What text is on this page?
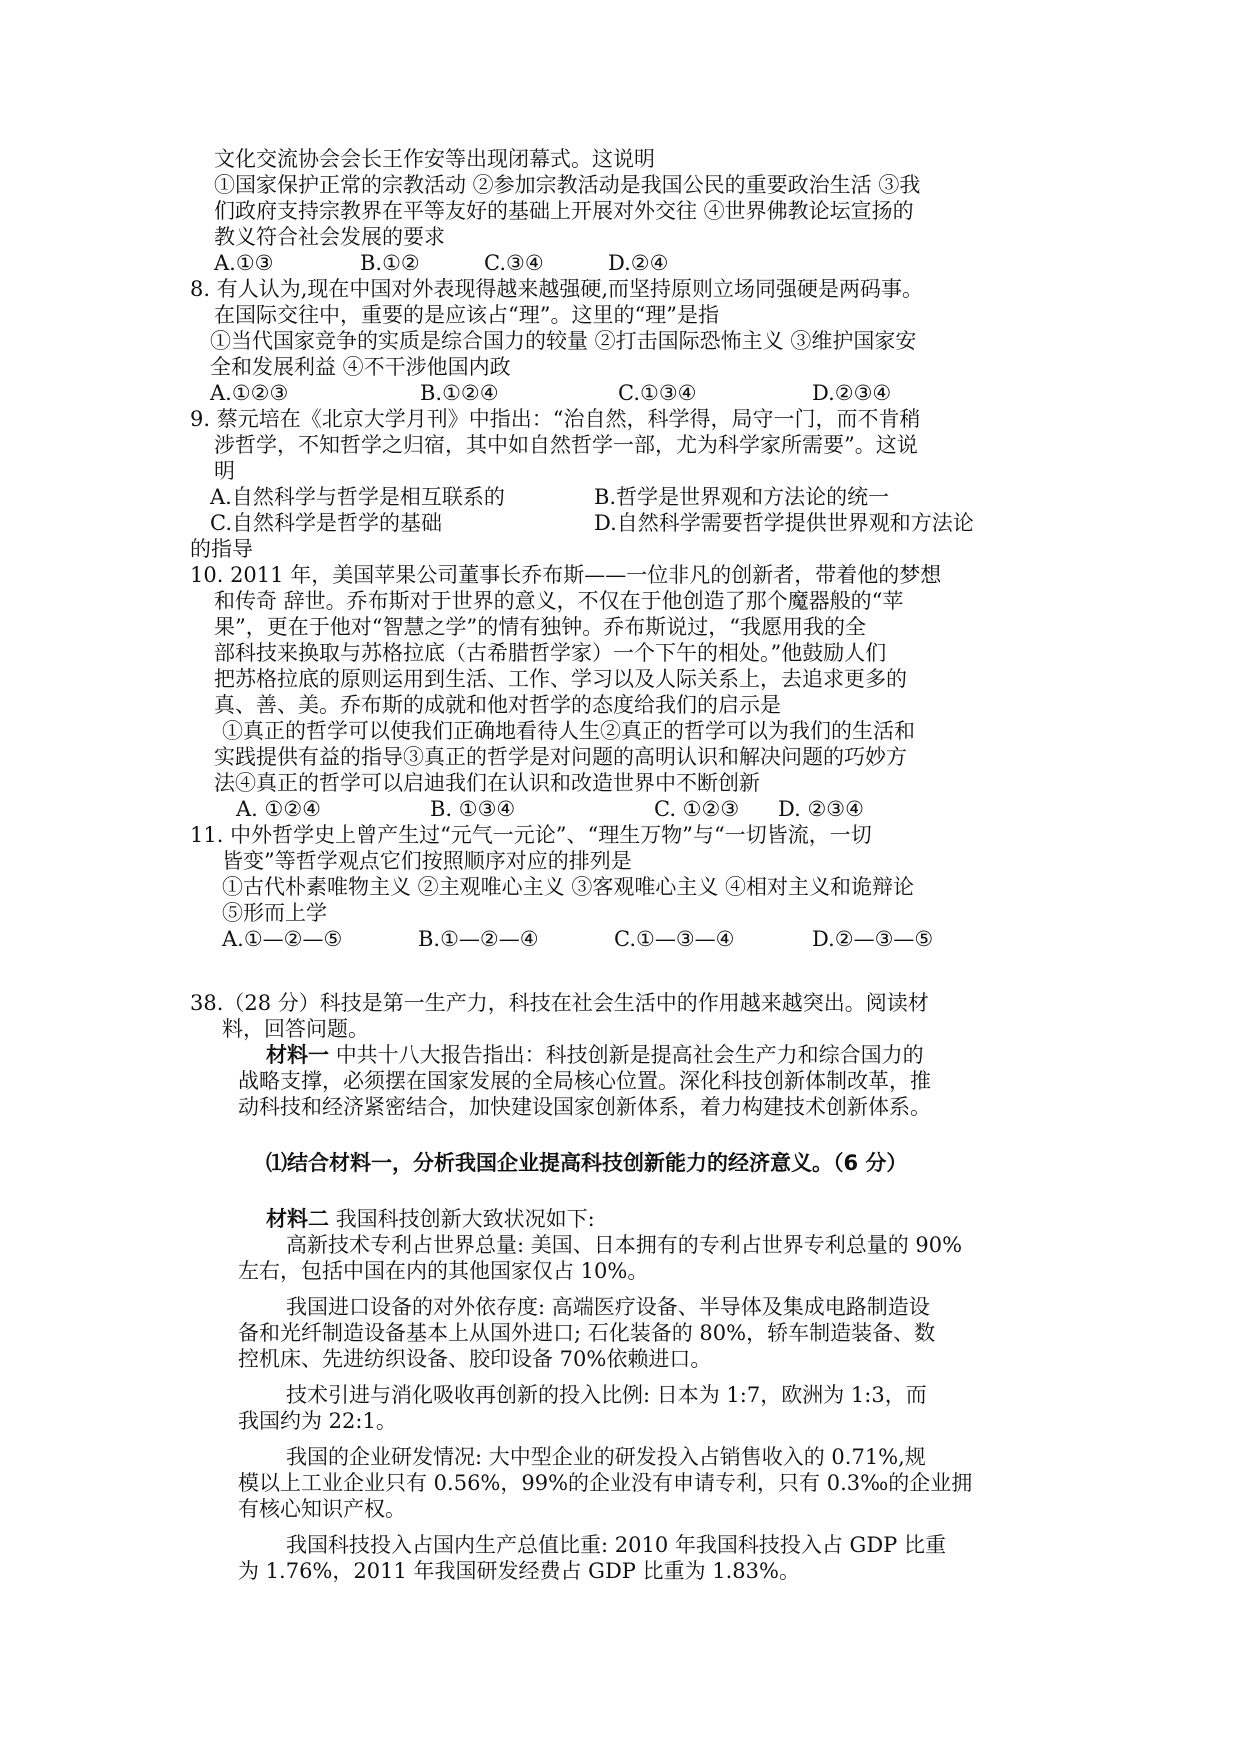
文化交流协会会长王作安等出现闭幕式。这说明
①国家保护正常的宗教活动 ②参加宗教活动是我国公民的重要政治生活 ③我
们政府支持宗教界在平等友好的基础上开展对外交往 ④世界佛教论坛宣扬的
教义符合社会发展的要求
A.①③	B.①②	C.③④	D.②④
8. 有人认为,现在中国对外表现得越来越强硬,而坚持原则立场同强硬是两码事。
在国际交往中，重要的是应该占“理”。这里的“理”是指
①当代国家竞争的实质是综合国力的较量 ②打击国际恐怖主义 ③维护国家安
全和发展利益 ④不干涉他国内政
A.①②③	B.①②④	C.①③④	D.②③④
9. 蔡元培在《北京大学月刊》中指出：“治自然，科学得，局守一门，而不肯稍
涉哲学，不知哲学之归宿，其中如自然哲学一部，尤为科学家所需要”。这说
明
A.自然科学与哲学是相互联系的	B.哲学是世界观和方法论的统一
C.自然科学是哲学的基础	D.自然科学需要哲学提供世界观和方法论
的指导
10. 2011 年，美国苹果公司董事长乔布斯——一位非凡的创新者，带着他的梦想
和传奇 辞世。乔布斯对于世界的意义，不仅在于他创造了那个魔器般的“苹
果”，更在于他对“智慧之学”的情有独钟。乔布斯说过，“我愿用我的全
部科技来换取与苏格拉底（古希腊哲学家）一个下午的相处。”他鼓励人们
把苏格拉底的原则运用到生活、工作、学习以及人际关系上，去追求更多的
真、善、美。乔布斯的成就和他对哲学的态度给我们的启示是
①真正的哲学可以使我们正确地看待人生②真正的哲学可以为我们的生活和
实践提供有益的指导③真正的哲学是对问题的高明认识和解决问题的巧妙方
法④真正的哲学可以启迪我们在认识和改造世界中不断创新
A. ①②④	B. ①③④	C. ①②③ D. ②③④
11. 中外哲学史上曾产生过“元气一元论”、“理生万物”与“一切皆流，一切
皆变”等哲学观点它们按照顺序对应的排列是
①古代朴素唯物主义 ②主观唯心主义 ③客观唯心主义 ④相对主义和诡辩论
⑤形而上学
A.①—②—⑤	B.①—②—④	C.①—③—④	D.②—③—⑤
38.（28 分）科技是第一生产力，科技在社会生活中的作用越来越突出。阅读材
料，回答问题。
材料一 中共十八大报告指出：科技创新是提高社会生产力和综合国力的
战略支撑，必须摆在国家发展的全局核心位置。深化科技创新体制改革，推
动科技和经济紧密结合，加快建设国家创新体系，着力构建技术创新体系。
⑴结合材料一，分析我国企业提高科技创新能力的经济意义。（6 分）
材料二 我国科技创新大致状况如下:
高新技术专利占世界总量: 美国、日本拥有的专利占世界专利总量的 90%
左右，包括中国在内的其他国家仅占 10%。
我国进口设备的对外依存度: 高端医疗设备、半导体及集成电路制造设
备和光纤制造设备基本上从国外进口; 石化装备的 80%，轿车制造装备、数
控机床、先进纺织设备、胶印设备 70%依赖进口。
技术引进与消化吸收再创新的投入比例: 日本为 1:7，欧洲为 1:3，而
我国约为 22:1。
我国的企业研发情况: 大中型企业的研发投入占销售收入的 0.71%,规
模以上工业企业只有 0.56%，99%的企业没有申请专利，只有 0.3‰的企业拥
有核心知识产权。
我国科技投入占国内生产总值比重: 2010 年我国科技投入占 GDP 比重
为 1.76%，2011 年我国研发经费占 GDP 比重为 1.83%。
